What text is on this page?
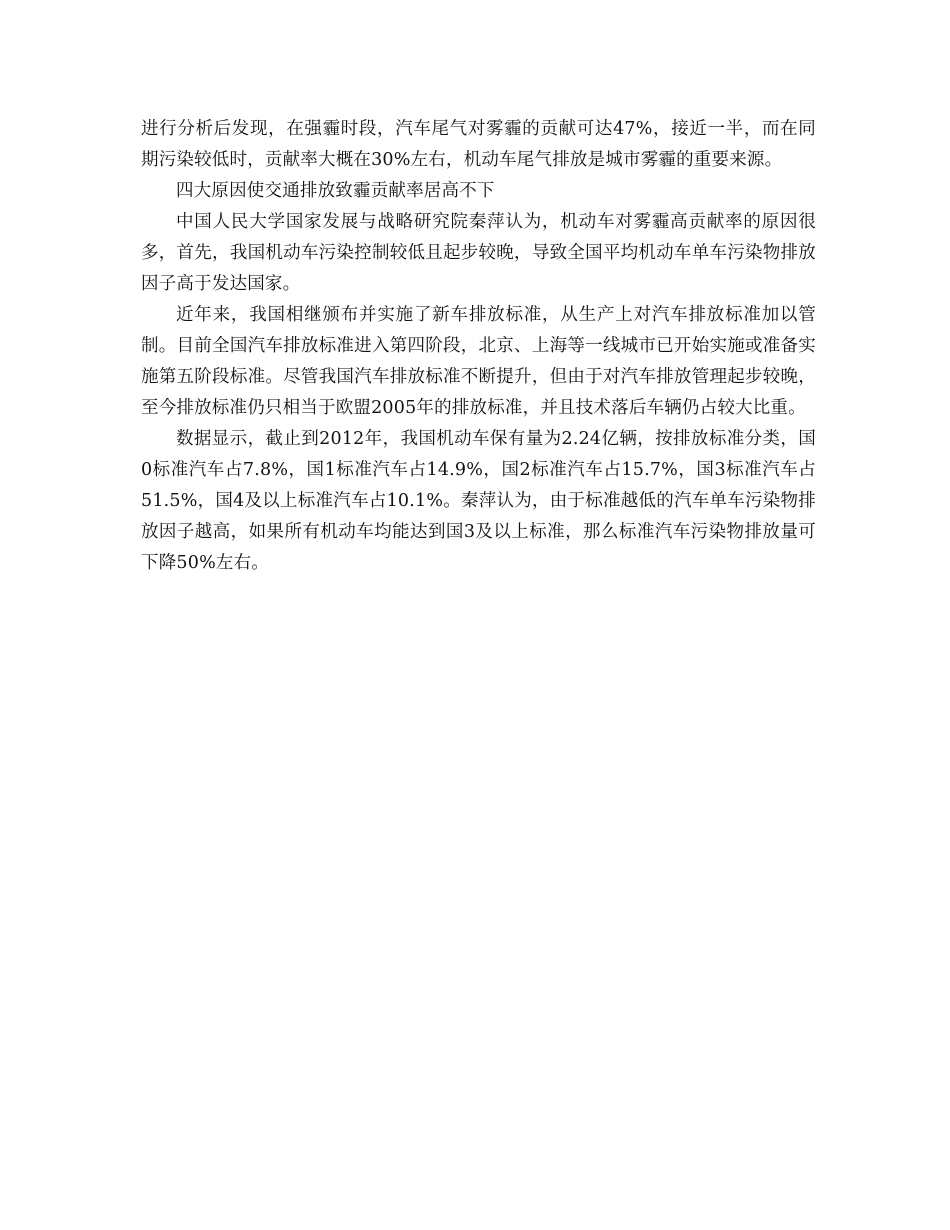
进行分析后发现，在强霾时段，汽车尾气对雾霾的贡献可达47%，接近一半，而在同期污染较低时，贡献率大概在30%左右，机动车尾气排放是城市雾霾的重要来源。

四大原因使交通排放致霾贡献率居高不下

中国人民大学国家发展与战略研究院秦萍认为，机动车对雾霾高贡献率的原因很多，首先，我国机动车污染控制较低且起步较晚，导致全国平均机动车单车污染物排放因子高于发达国家。

近年来，我国相继颁布并实施了新车排放标准，从生产上对汽车排放标准加以管制。目前全国汽车排放标准进入第四阶段，北京、上海等一线城市已开始实施或准备实施第五阶段标准。尽管我国汽车排放标准不断提升，但由于对汽车排放管理起步较晚，至今排放标准仍只相当于欧盟2005年的排放标准，并且技术落后车辆仍占较大比重。

数据显示，截止到2012年，我国机动车保有量为2.24亿辆，按排放标准分类，国0标准汽车占7.8%，国1标准汽车占14.9%，国2标准汽车占15.7%，国3标准汽车占51.5%，国4及以上标准汽车占10.1%。秦萍认为，由于标准越低的汽车单车污染物排放因子越高，如果所有机动车均能达到国3及以上标准，那么标准汽车污染物排放量可下降50%左右。
